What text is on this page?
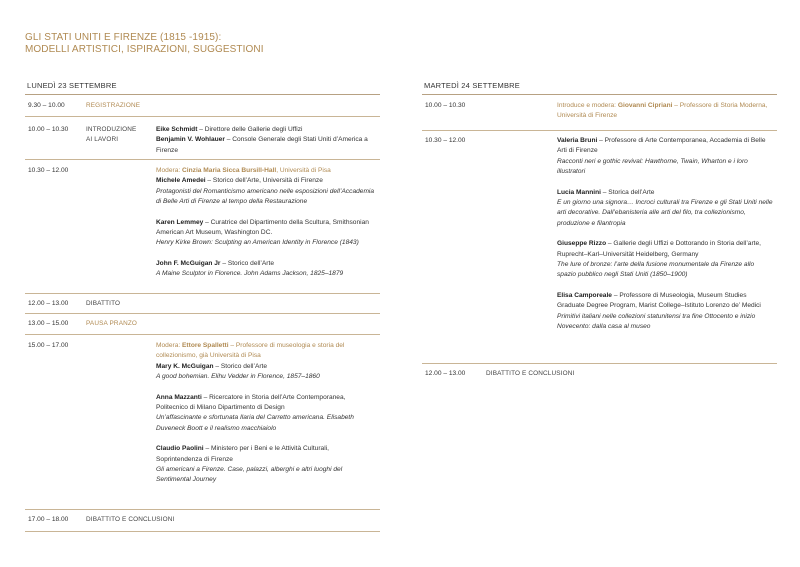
GLI STATI UNITI E FIRENZE (1815 -1915):
MODELLI ARTISTICI, ISPIRAZIONI, SUGGESTIONI
LUNEDÌ 23 SETTEMBRE
9.30 – 10.00	REGISTRAZIONE
10.00 – 10.30	INTRODUZIONE
AI LAVORI
Eike Schmidt – Direttore delle Gallerie degli Uffizi
Benjamin V. Wohlauer – Console Generale degli Stati Uniti d’America a Firenze
10.30 – 12.00	Modera: Cinzia Maria Sicca Bursill-Hall, Università di Pisa
Michele Amedei – Storico dell’Arte, Università di Firenze
Protagonisti del Romanticismo americano nelle esposizioni dell’Accademia di Belle Arti di Firenze al tempo della Restaurazione
Karen Lemmey – Curatrice del Dipartimento della Scultura, Smithsonian American Art Museum, Washington DC.
Henry Kirke Brown: Sculpting an American Identity in Florence (1843)
John F. McGuigan Jr – Storico dell’Arte
A Maine Sculptor in Florence. John Adams Jackson, 1825–1879
12.00 – 13.00	DIBATTITO
13.00 – 15.00	PAUSA PRANZO
15.00 – 17.00	Modera: Ettore Spalletti – Professore di museologia e storia del collezionismo, già Università di Pisa
Mary K. McGuigan – Storico dell’Arte
A good bohemian. Elihu Vedder in Florence, 1857–1860
Anna Mazzanti – Ricercatore in Storia dell’Arte Contemporanea, Politecnico di Milano Dipartimento di Design
Un’affascinante e sfortunata Ilaria del Carretto americana. Elisabeth Duveneck Boott e il realismo macchiaiolo
Claudio Paolini – Ministero per i Beni e le Attività Culturali, Soprintendenza di Firenze
Gli americani a Firenze. Case, palazzi, alberghi e altri luoghi del Sentimental Journey
17.00 – 18.00	DIBATTITO E CONCLUSIONI
MARTEDÌ 24 SETTEMBRE
10.00 – 10.30	Introduce e modera: Giovanni Cipriani – Professore di Storia Moderna, Università di Firenze
10.30 – 12.00	Valeria Bruni – Professore di Arte Contemporanea, Accademia di Belle Arti di Firenze
Racconti neri e gothic revival: Hawthorne, Twain, Wharton e i loro illustratori
Lucia Mannini – Storica dell’Arte
E un giorno una signora… Incroci culturali tra Firenze e gli Stati Uniti nelle arti decorative. Dall’ebanisteria alle arti del filo, tra collezionismo, produzione e filantropia
Giuseppe Rizzo – Gallerie degli Uffizi e Dottorando in Storia dell’arte, Ruprecht–Karl–Universität Heidelberg, Germany
The lure of bronze: l’arte della fusione monumentale da Firenze allo spazio pubblico negli Stati Uniti (1850–1900)
Elisa Camporeale – Professore di Museologia, Museum Studies Graduate Degree Program, Marist College–Istituto Lorenzo de’ Medici
Primitivi italiani nelle collezioni statunitensi tra fine Ottocento e inizio Novecento: dalla casa al museo
12.00 – 13.00	DIBATTITO E CONCLUSIONI
